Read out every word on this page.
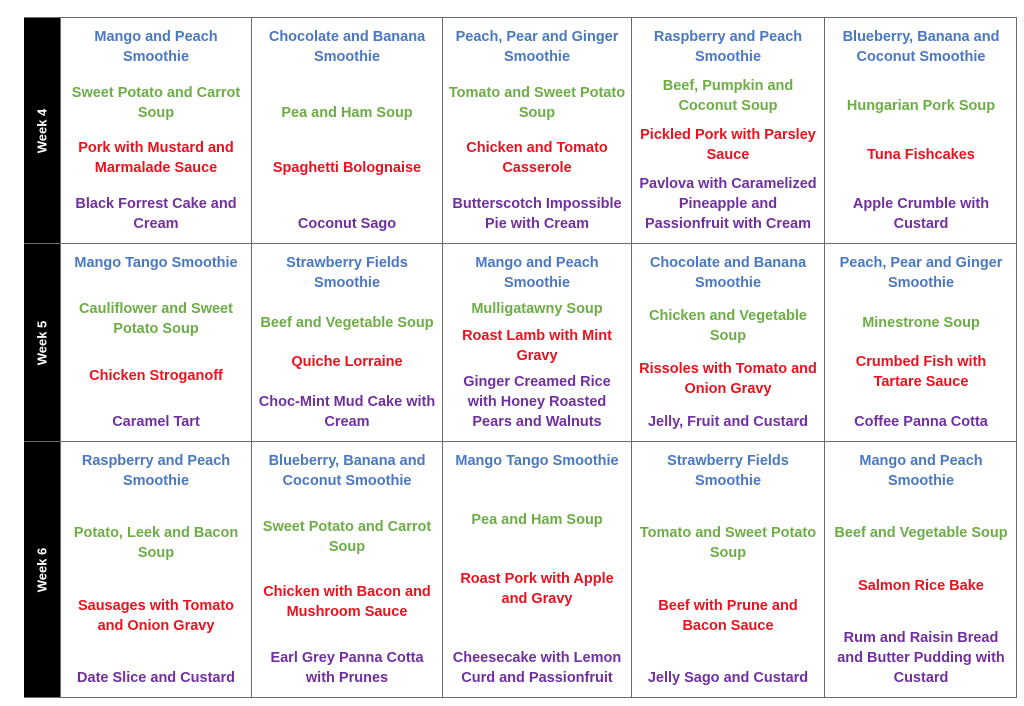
Week 4

Mango and Peach Smoothie

Sweet Potato and Carrot Soup

Pork with Mustard and Marmalade Sauce

Black Forrest Cake and Cream

Chocolate and Banana Smoothie

Pea and Ham Soup

Spaghetti Bolognaise

Coconut Sago

Peach, Pear and Ginger Smoothie

Tomato and Sweet Potato Soup

Chicken and Tomato Casserole

Butterscotch Impossible Pie with Cream

Raspberry and Peach Smoothie

Beef, Pumpkin and Coconut Soup

Pickled Pork with Parsley Sauce

Pavlova with Caramelized Pineapple and Passionfruit with Cream

Blueberry, Banana and Coconut Smoothie

Hungarian Pork Soup

Tuna Fishcakes

Apple Crumble with Custard

Week 5

Mango Tango Smoothie

Cauliflower and Sweet Potato Soup

Chicken Stroganoff

Caramel Tart

Strawberry Fields Smoothie

Beef and Vegetable Soup

Quiche Lorraine

Choc-Mint Mud Cake with Cream

Mango and Peach Smoothie

Mulligatawny Soup

Roast Lamb with Mint Gravy

Ginger Creamed Rice with Honey Roasted Pears and Walnuts

Chocolate and Banana Smoothie

Chicken and Vegetable Soup

Rissoles with Tomato and Onion Gravy

Jelly, Fruit and Custard

Peach, Pear and Ginger Smoothie

Minestrone Soup

Crumbed Fish with Tartare Sauce

Coffee Panna Cotta

Week 6

Raspberry and Peach Smoothie

Potato, Leek and Bacon Soup

Sausages with Tomato and Onion Gravy

Date Slice and Custard

Blueberry, Banana and Coconut Smoothie

Sweet Potato and Carrot Soup

Chicken with Bacon and Mushroom Sauce

Earl Grey Panna Cotta with Prunes

Mango Tango Smoothie

Pea and Ham Soup

Roast Pork with Apple and Gravy

Cheesecake with Lemon Curd and Passionfruit

Strawberry Fields Smoothie

Tomato and Sweet Potato Soup

Beef with Prune and Bacon Sauce

Jelly Sago and Custard

Mango and Peach Smoothie

Beef and Vegetable Soup

Salmon Rice Bake

Rum and Raisin Bread and Butter Pudding with Custard
